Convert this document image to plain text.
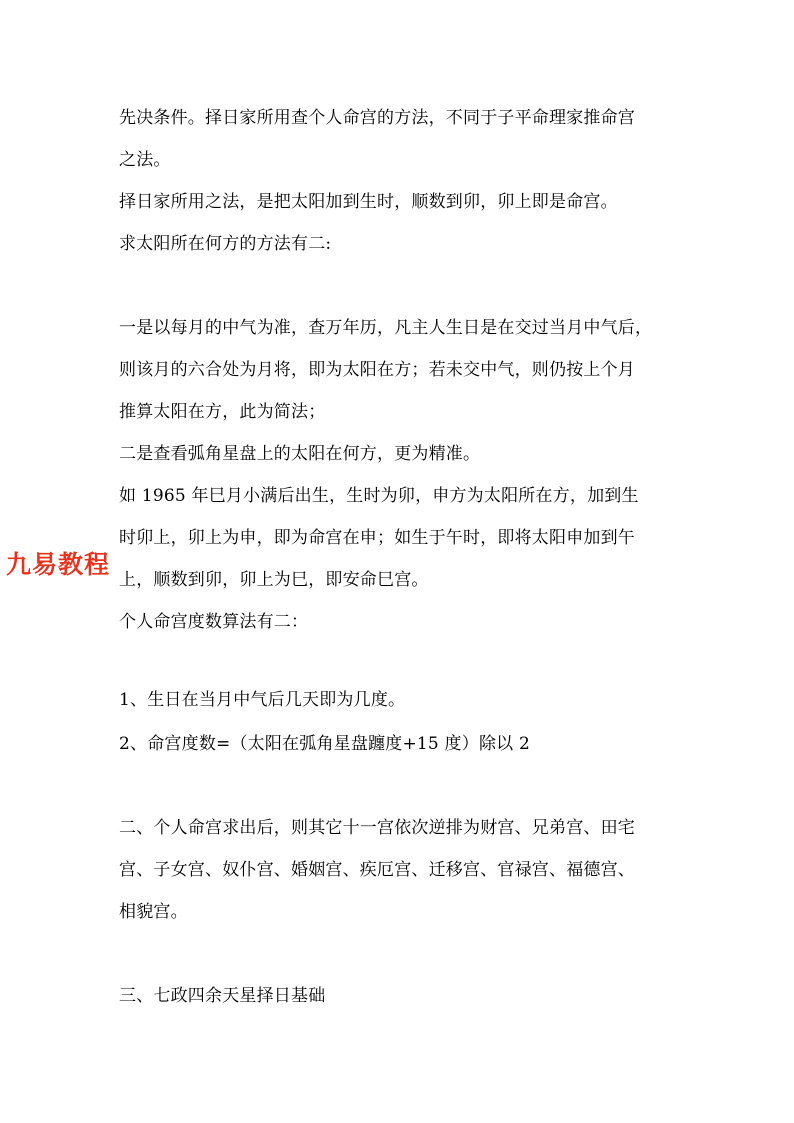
先决条件。择日家所用查个人命宫的方法，不同于子平命理家推命宫
之法。
择日家所用之法，是把太阳加到生时，顺数到卯，卯上即是命宫。
求太阳所在何方的方法有二:
一是以每月的中气为准，查万年历，凡主人生日是在交过当月中气后，
则该月的六合处为月将，即为太阳在方；若未交中气，则仍按上个月
推算太阳在方，此为简法；
二是查看弧角星盘上的太阳在何方，更为精准。
如 1965 年巳月小满后出生，生时为卯，申方为太阳所在方，加到生
时卯上，卯上为申，即为命宫在申；如生于午时，即将太阳申加到午
上，顺数到卯，卯上为巳，即安命巳宫。
个人命宫度数算法有二：
1、生日在当月中气后几天即为几度。
2、命宫度数=（太阳在弧角星盘躔度+15 度）除以 2
二、个人命宫求出后，则其它十一宫依次逆排为财宫、兄弟宫、田宅
宫、子女宫、奴仆宫、婚姻宫、疾厄宫、迁移宫、官禄宫、福德宫、
相貌宫。
三、七政四余天星择日基础
九易教程
